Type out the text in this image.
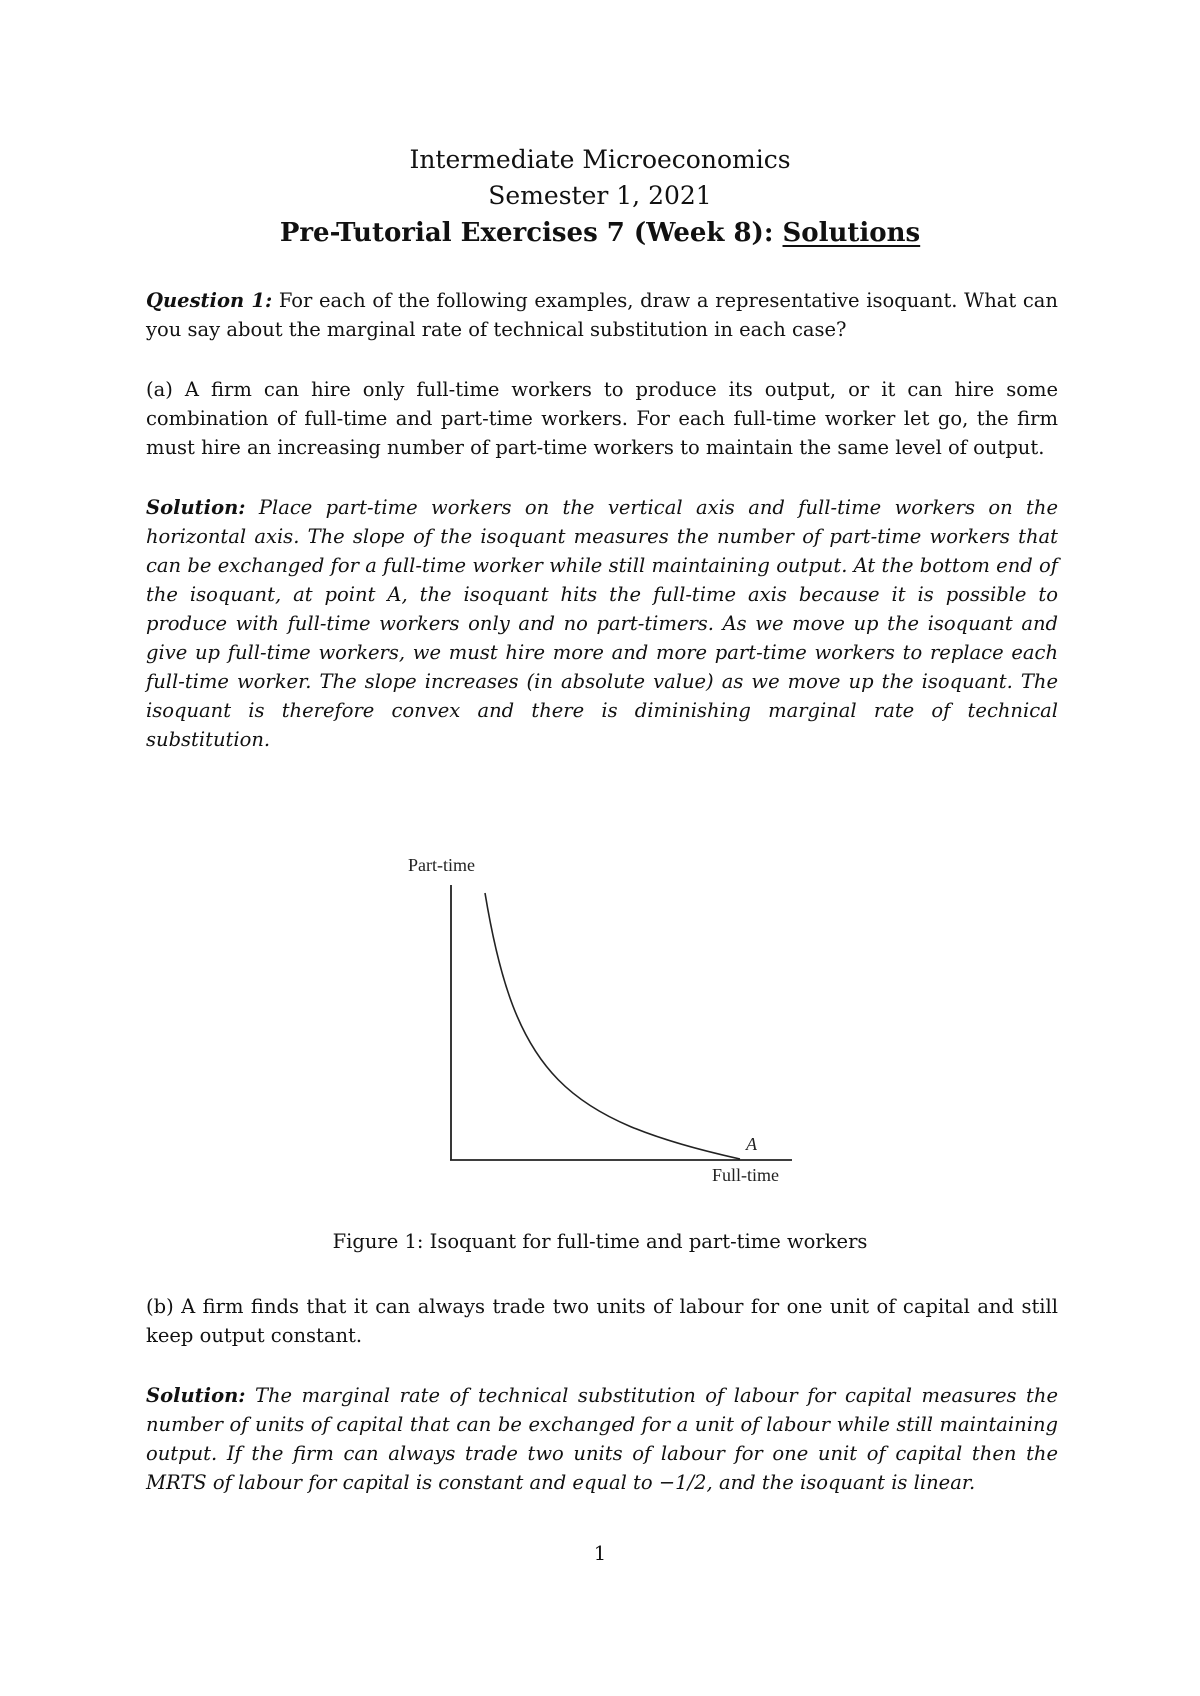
Intermediate Microeconomics
Semester 1, 2021
Pre-Tutorial Exercises 7 (Week 8): Solutions
Question 1: For each of the following examples, draw a representative isoquant. What can you say about the marginal rate of technical substitution in each case?
(a) A firm can hire only full-time workers to produce its output, or it can hire some combination of full-time and part-time workers. For each full-time worker let go, the firm must hire an increasing number of part-time workers to maintain the same level of output.
Solution: Place part-time workers on the vertical axis and full-time workers on the horizontal axis. The slope of the isoquant measures the number of part-time workers that can be exchanged for a full-time worker while still maintaining output. At the bottom end of the isoquant, at point A, the isoquant hits the full-time axis because it is possible to produce with full-time workers only and no part-timers. As we move up the isoquant and give up full-time workers, we must hire more and more part-time workers to replace each full-time worker. The slope increases (in absolute value) as we move up the isoquant. The isoquant is therefore convex and there is diminishing marginal rate of technical substitution.
Part-time
A
Full-time
Figure 1: Isoquant for full-time and part-time workers
(b) A firm finds that it can always trade two units of labour for one unit of capital and still keep output constant.
Solution: The marginal rate of technical substitution of labour for capital measures the number of units of capital that can be exchanged for a unit of labour while still maintaining output. If the firm can always trade two units of labour for one unit of capital then the MRTS of labour for capital is constant and equal to −1/2, and the isoquant is linear.
1
